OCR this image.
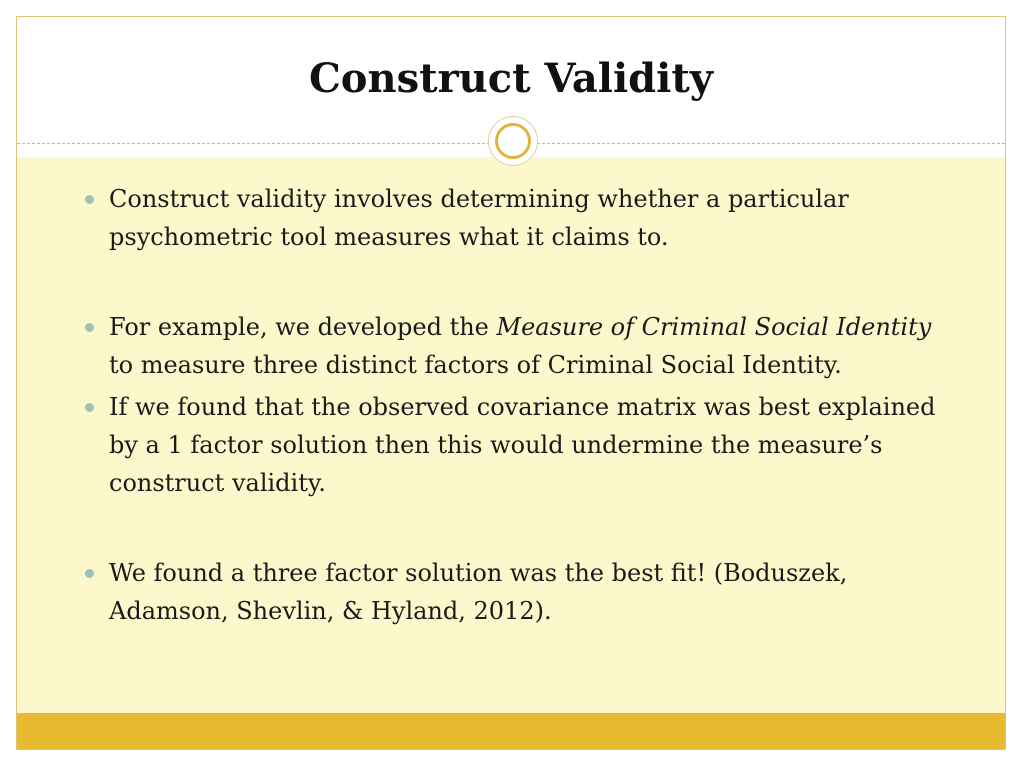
Construct Validity
Construct validity involves determining whether a particular psychometric tool measures what it claims to.
For example, we developed the Measure of Criminal Social Identity to measure three distinct factors of Criminal Social Identity.
If we found that the observed covariance matrix was best explained by a 1 factor solution then this would undermine the measure’s construct validity.
We found a three factor solution was the best fit! (Boduszek, Adamson, Shevlin, & Hyland, 2012).
